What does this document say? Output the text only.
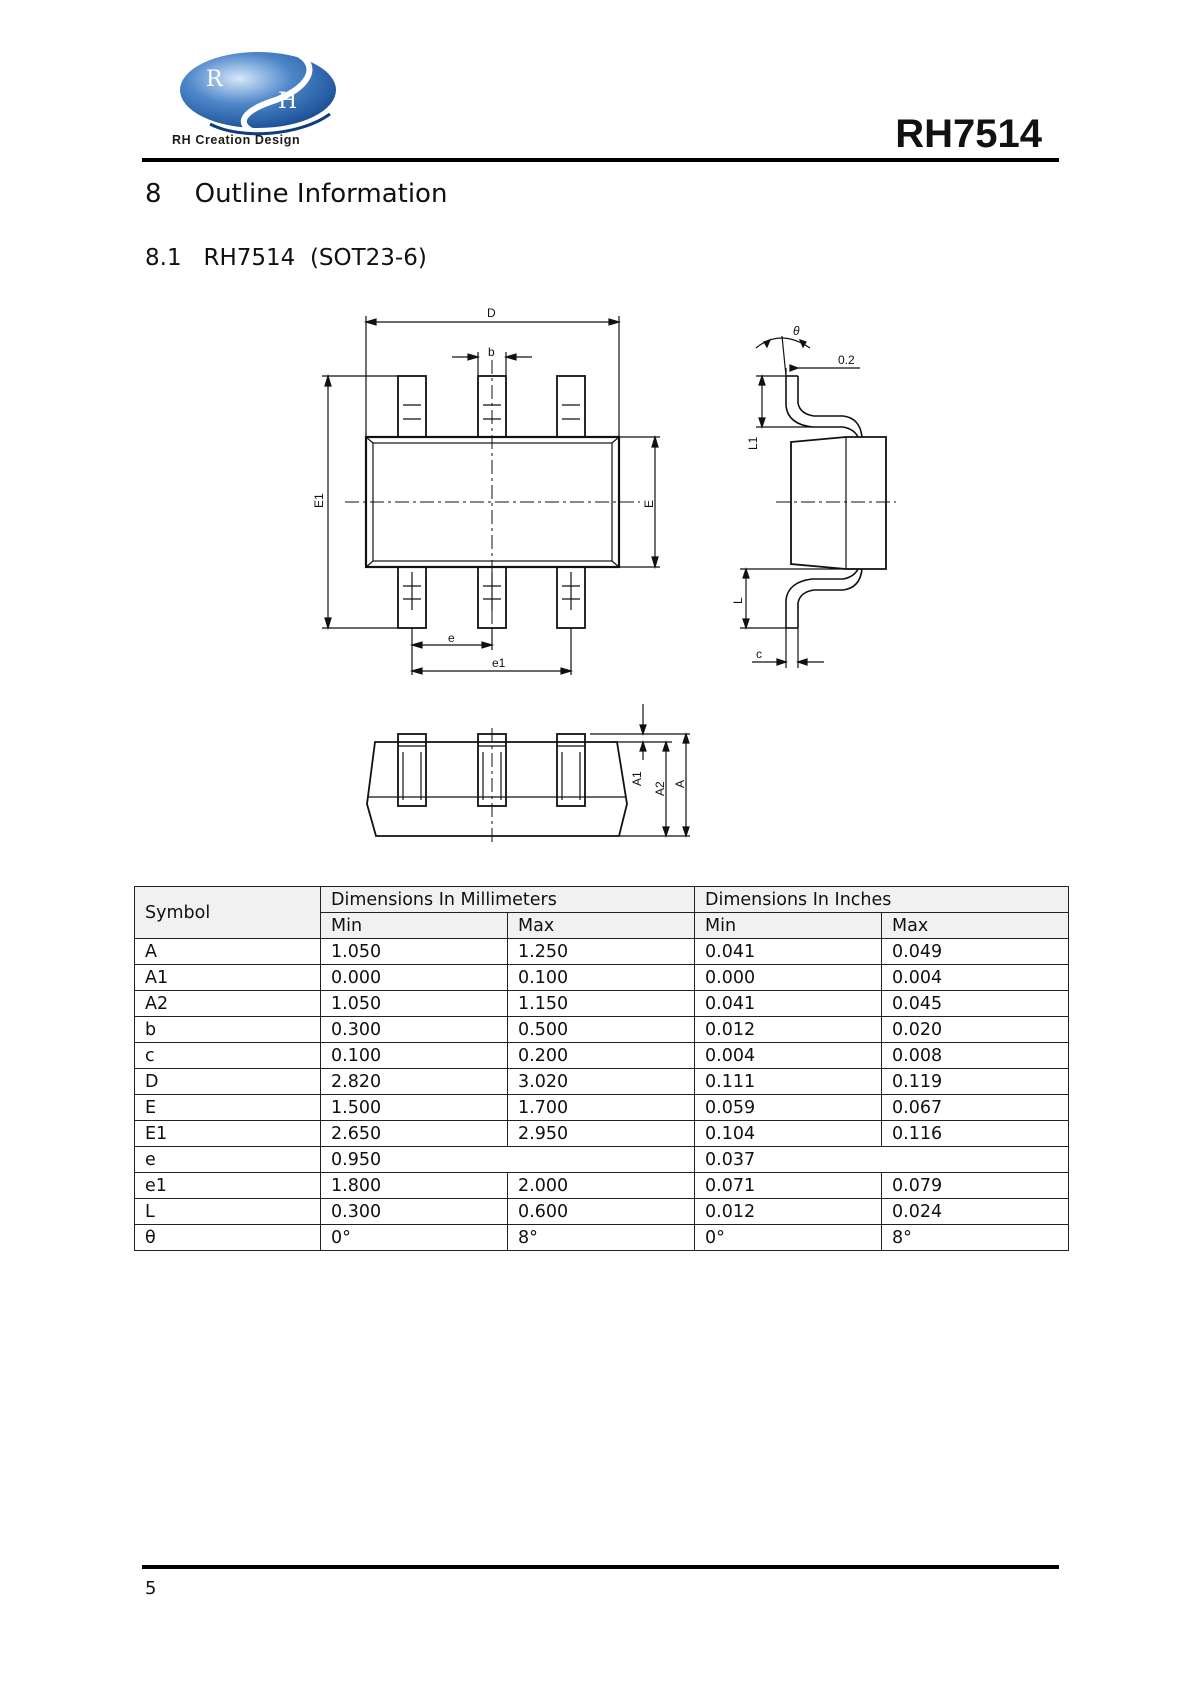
R
H
RH Creation Design	RH7514
8    Outline Information
8.1   RH7514  (SOT23-6)
D
b
E1	E
e
e1
θ
0.2
L1
L
c
A1
A2 A
Symbol	Dimensions In Millimeters		Dimensions In Inches	
	Min	Max	Min	Max
A	1.050	1.250	0.041	0.049
A1	0.000	0.100	0.000	0.004
A2	1.050	1.150	0.041	0.045
b	0.300	0.500	0.012	0.020
c	0.100	0.200	0.004	0.008
D	2.820	3.020	0.111	0.119
E	1.500	1.700	0.059	0.067
E1	2.650	2.950	0.104	0.116
e	0.950		0.037	
e1	1.800	2.000	0.071	0.079
L	0.300	0.600	0.012	0.024
θ	0°	8°	0°	8°
5
